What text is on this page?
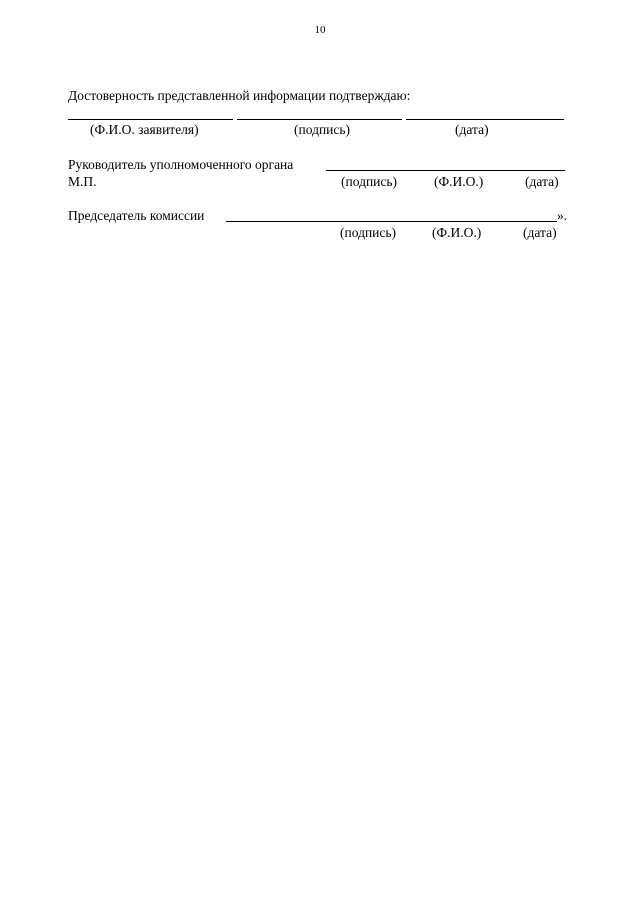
10
Достоверность представленной информации подтверждаю:
(Ф.И.О. заявителя)	(подпись)	(дата)
Руководитель уполномоченного органа
М.П.	(подпись)	(Ф.И.О.)	(дата)
Председатель комиссии	».
(подпись)	(Ф.И.О.)	(дата)
